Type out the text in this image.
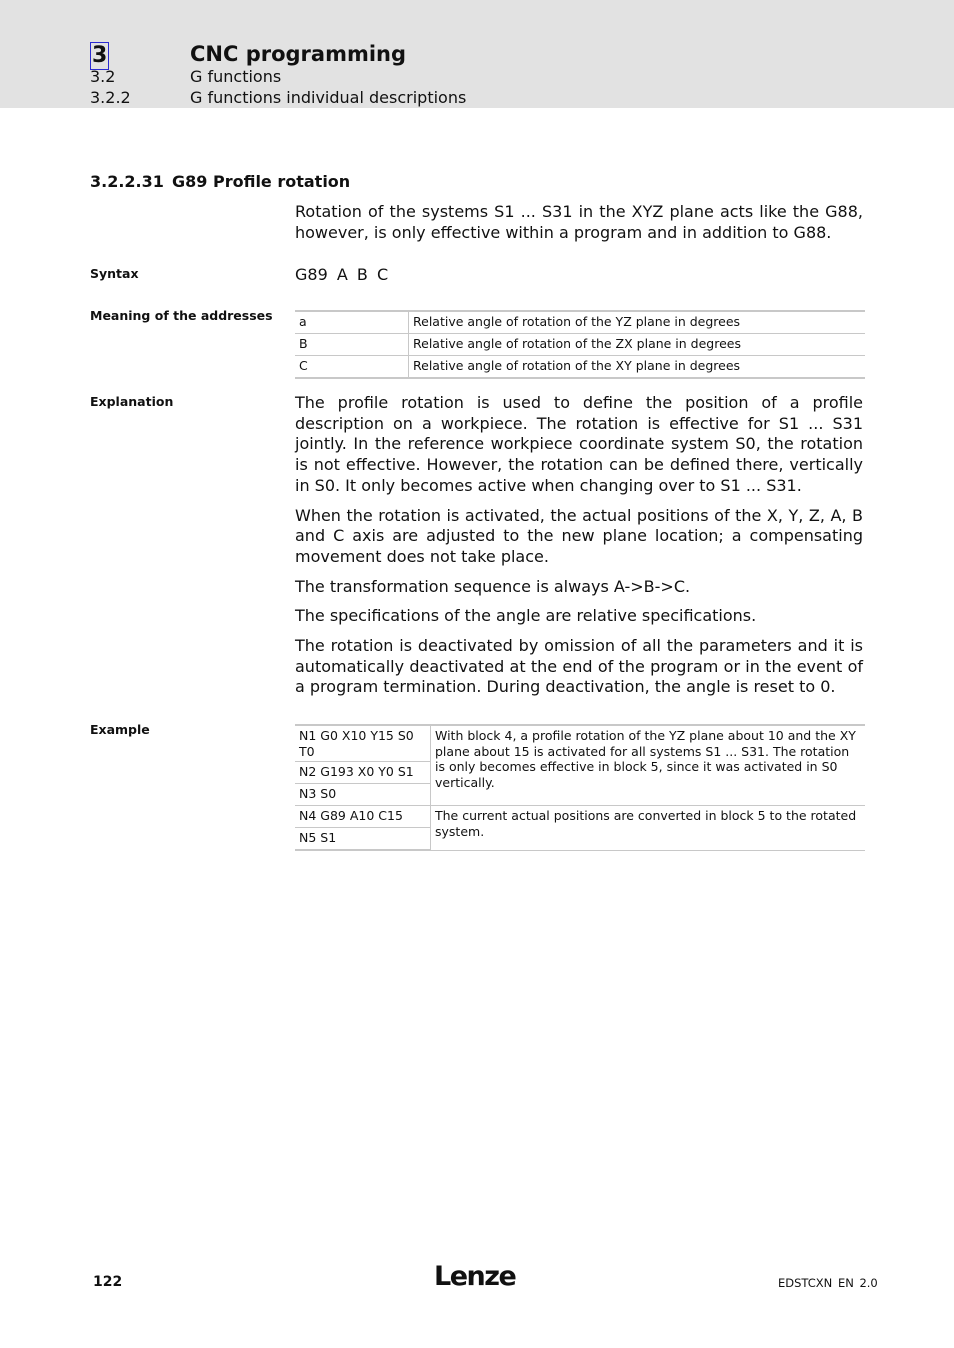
3	CNC programming
3.2	G functions
3.2.2	G functions individual descriptions
3.2.2.31 G89 Profile rotation

Rotation of the systems S1 ... S31 in the XYZ plane acts like the G88, however, is only effective within a program and in addition to G88.

Syntax	G89 A B C
Meaning of the addresses a	Relative angle of rotation of the YZ plane in degrees
B	Relative angle of rotation of the ZX plane in degrees
C	Relative angle of rotation of the XY plane in degrees
Explanation	The profile rotation is used to define the position of a profile description on a workpiece. The rotation is effective for S1 ... S31 jointly. In the reference workpiece coordinate system S0, the rotation is not effective. However, the rotation can be defined there, vertically in S0. It only becomes active when changing over to S1 ... S31.

When the rotation is activated, the actual positions of the X, Y, Z, A, B and C axis are adjusted to the new plane location; a compensating movement does not take place.

The transformation sequence is always A->B->C.

The specifications of the angle are relative specifications.

The rotation is deactivated by omission of all the parameters and it is automatically deactivated at the end of the program or in the event of a program termination. During deactivation, the angle is reset to 0.

Example	N1 G0 X10 Y15 S0 T0	With block 4, a profile rotation of the YZ plane about 10 and the XY plane about 15 is activated for all systems S1 ... S31. The rotation is only becomes effective in block 5, since it was activated in S0 vertically.
N2 G193 X0 Y0 S1	
N3 S0	
N4 G89 A10 C15	The current actual positions are converted in block 5 to the rotated system.
N5 S1	
122	Lenze	EDSTCXN EN 2.0
